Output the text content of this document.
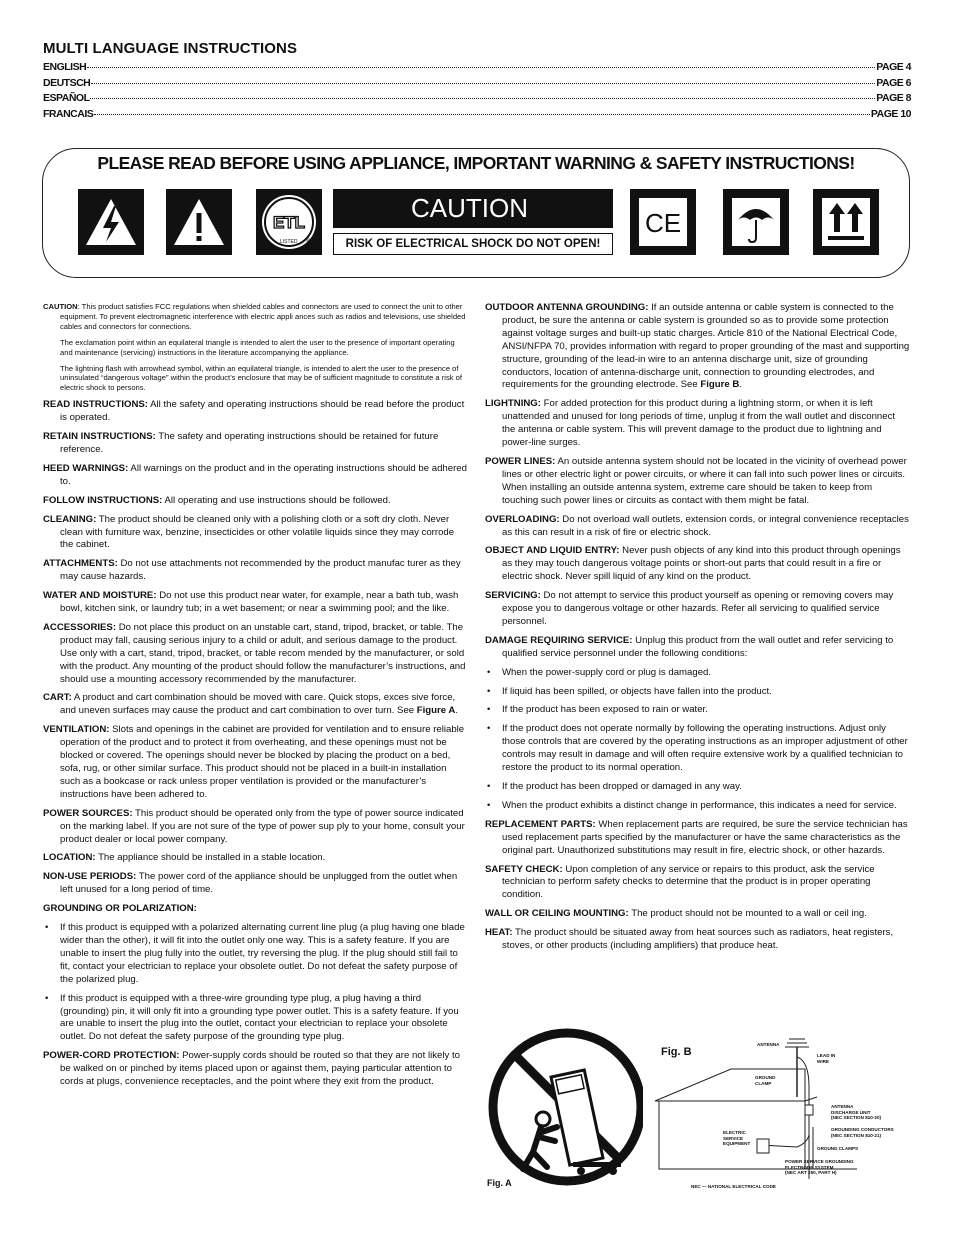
MULTI LANGUAGE INSTRUCTIONS
ENGLISH	PAGE 4
DEUTSCH	PAGE 6
ESPAÑOL	PAGE 8
FRANCAIS	PAGE 10
PLEASE READ BEFORE USING APPLIANCE, IMPORTANT WARNING & SAFETY INSTRUCTIONS!
ETL
LISTED ®
CAUTION
RISK OF ELECTRICAL SHOCK DO NOT OPEN!
CE
CAUTION: This product satisfies FCC regulations when shielded cables and connectors are used to connect the unit to other equipment. To prevent electromagnetic interference with electric appli ances such as radios and televisions, use shielded cables and connectors for connections.
The exclamation point within an equilateral triangle is intended to alert the user to the presence of important operating and maintenance (servicing) instructions in the literature accompanying the appliance.
The lightning flash with arrowhead symbol, within an equilateral triangle, is intended to alert the user to the presence of uninsulated “dangerous voltage” within the product’s enclosure that may be of sufficient magnitude to constitute a risk of electric shock to persons.
READ INSTRUCTIONS: All the safety and operating instructions should be read before the product is operated.
RETAIN INSTRUCTIONS: The safety and operating instructions should be retained for future reference.
HEED WARNINGS: All warnings on the product and in the operating instructions should be adhered to.
FOLLOW INSTRUCTIONS: All operating and use instructions should be followed.
CLEANING: The product should be cleaned only with a polishing cloth or a soft dry cloth. Never clean with furniture wax, benzine, insecticides or other volatile liquids since they may corrode the cabinet.
ATTACHMENTS: Do not use attachments not recommended by the product manufac turer as they may cause hazards.
WATER AND MOISTURE: Do not use this product near water, for example, near a bath tub, wash bowl, kitchen sink, or laundry tub; in a wet basement; or near a swimming pool; and the like.
ACCESSORIES: Do not place this product on an unstable cart, stand, tripod, bracket, or table. The product may fall, causing serious injury to a child or adult, and serious damage to the product. Use only with a cart, stand, tripod, bracket, or table recom mended by the manufacturer, or sold with the product. Any mounting of the product should follow the manufacturer’s instructions, and should use a mounting accessory recommended by the manufacturer.
CART: A product and cart combination should be moved with care. Quick stops, exces sive force, and uneven surfaces may cause the product and cart combination to over turn. See Figure A.
VENTILATION: Slots and openings in the cabinet are provided for ventilation and to ensure reliable operation of the product and to protect it from overheating, and these openings must not be blocked or covered. The openings should never be blocked by placing the product on a bed, sofa, rug, or other similar surface. This product should not be placed in a built-in installation such as a bookcase or rack unless proper ventilation is provided or the manufacturer’s instructions have been adhered to.
POWER SOURCES: This product should be operated only from the type of power source indicated on the marking label. If you are not sure of the type of power sup ply to your home, consult your product dealer or local power company.
LOCATION: The appliance should be installed in a stable location.
NON-USE PERIODS: The power cord of the appliance should be unplugged from the outlet when left unused for a long period of time.
GROUNDING OR POLARIZATION:
• If this product is equipped with a polarized alternating current line plug (a plug having one blade wider than the other), it will fit into the outlet only one way. This is a safety feature. If you are unable to insert the plug fully into the outlet, try reversing the plug. If the plug should still fail to fit, contact your electrician to replace your obsolete outlet. Do not defeat the safety purpose of the polarized plug.
• If this product is equipped with a three-wire grounding type plug, a plug having a third (grounding) pin, it will only fit into a grounding type power outlet. This is a safety feature. If you are unable to insert the plug into the outlet, contact your electrician to replace your obsolete outlet. Do not defeat the safety purpose of the grounding type plug.
POWER-CORD PROTECTION: Power-supply cords should be routed so that they are not likely to be walked on or pinched by items placed upon or against them, paying particular attention to cords at plugs, convenience receptacles, and the point where they exit from the product.
OUTDOOR ANTENNA GROUNDING: If an outside antenna or cable system is connected to the product, be sure the antenna or cable system is grounded so as to provide some protection against voltage surges and built-up static charges. Article 810 of the National Electrical Code, ANSI/NFPA 70, provides information with regard to proper grounding of the mast and supporting structure, grounding of the lead-in wire to an antenna discharge unit, size of grounding conductors, location of antenna-discharge unit, connection to grounding electrodes, and requirements for the grounding electrode. See Figure B.
LIGHTNING: For added protection for this product during a lightning storm, or when it is left unattended and unused for long periods of time, unplug it from the wall outlet and disconnect the antenna or cable system. This will prevent damage to the product due to lightning and power-line surges.
POWER LINES: An outside antenna system should not be located in the vicinity of overhead power lines or other electric light or power circuits, or where it can fall into such power lines or circuits. When installing an outside antenna system, extreme care should be taken to keep from touching such power lines or circuits as contact with them might be fatal.
OVERLOADING: Do not overload wall outlets, extension cords, or integral convenience receptacles as this can result in a risk of fire or electric shock.
OBJECT AND LIQUID ENTRY: Never push objects of any kind into this product through openings as they may touch dangerous voltage points or short-out parts that could result in a fire or electric shock. Never spill liquid of any kind on the product.
SERVICING: Do not attempt to service this product yourself as opening or removing covers may expose you to dangerous voltage or other hazards. Refer all servicing to qualified service personnel.
DAMAGE REQUIRING SERVICE: Unplug this product from the wall outlet and refer servicing to qualified service personnel under the following conditions:
• When the power-supply cord or plug is damaged.
• If liquid has been spilled, or objects have fallen into the product.
• If the product has been exposed to rain or water.
• If the product does not operate normally by following the operating instructions. Adjust only those controls that are covered by the operating instructions as an improper adjustment of other controls may result in damage and will often require extensive work by a qualified technician to restore the product to its normal operation.
• If the product has been dropped or damaged in any way.
• When the product exhibits a distinct change in performance, this indicates a need for service.
REPLACEMENT PARTS: When replacement parts are required, be sure the service technician has used replacement parts specified by the manufacturer or have the same characteristics as the original part. Unauthorized substitutions may result in fire, electric shock, or other hazards.
SAFETY CHECK: Upon completion of any service or repairs to this product, ask the service technician to perform safety checks to determine that the product is in proper operating condition.
WALL OR CEILING MOUNTING: The product should not be mounted to a wall or ceil ing.
HEAT: The product should be situated away from heat sources such as radiators, heat registers, stoves, or other products (including amplifiers) that produce heat.
Fig. A
Fig. B
ANTENNA
LEAD IN
WIRE
GROUND
CLAMP
ANTENNA
DISCHARGE UNIT
(NEC SECTION 810-20)
GROUNDING CONDUCTORS
(NEC SECTION 810-21)
ELECTRIC
SERVICE
EQUIPMENT
GROUND CLAMPS
POWER SERVICE GROUNDING
ELECTRODE SYSTEM
(NEC ART 250, PART H)
NEC — NATIONAL ELECTRICAL CODE
